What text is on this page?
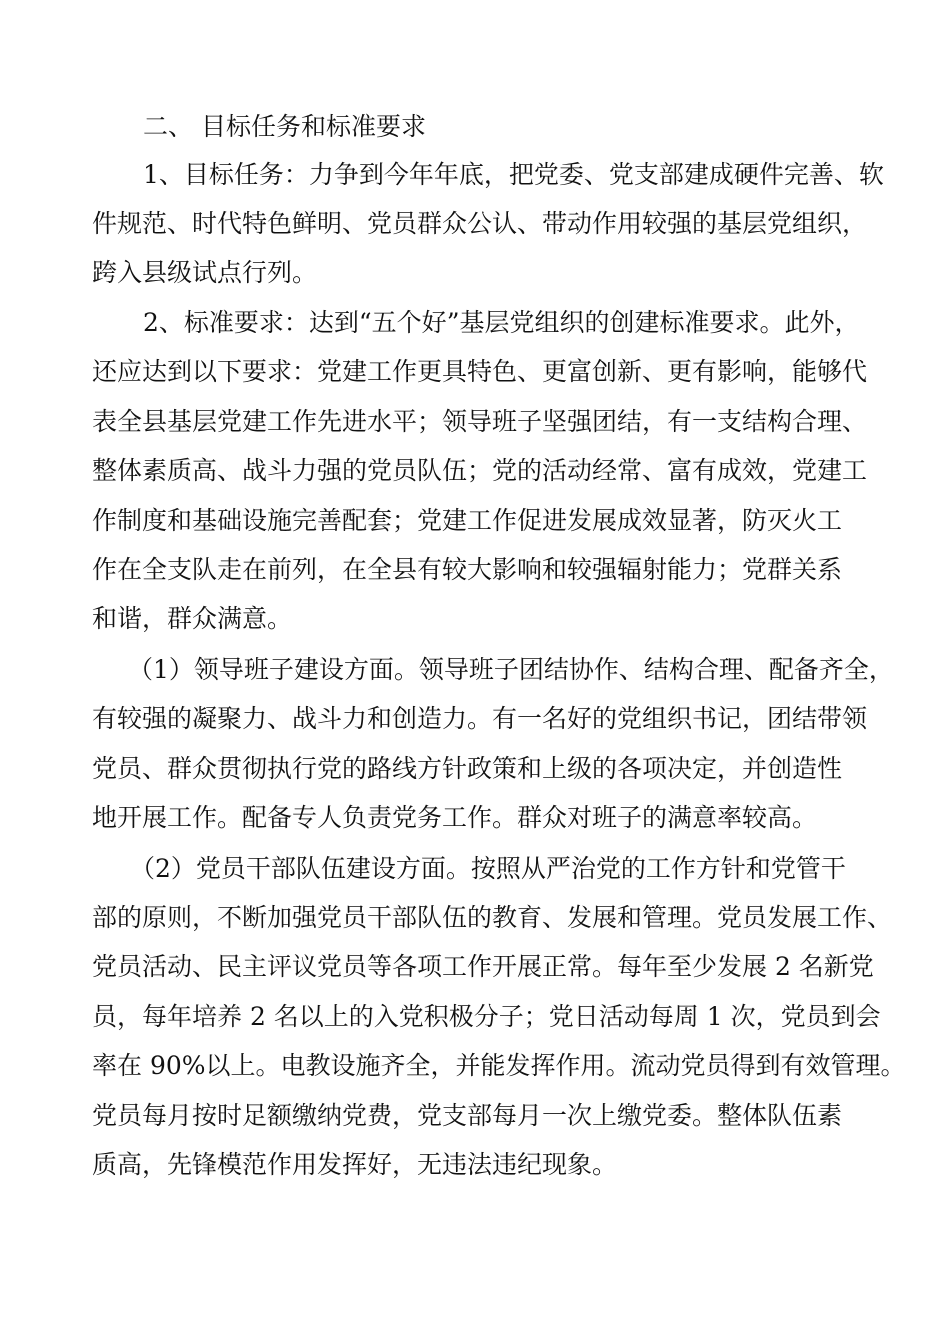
二、 目标任务和标准要求
1、目标任务：力争到今年年底，把党委、党支部建成硬件完善、软
件规范、时代特色鲜明、党员群众公认、带动作用较强的基层党组织，
跨入县级试点行列。
2、标准要求：达到“五个好”基层党组织的创建标准要求。此外，
还应达到以下要求：党建工作更具特色、更富创新、更有影响，能够代
表全县基层党建工作先进水平；领导班子坚强团结，有一支结构合理、
整体素质高、战斗力强的党员队伍；党的活动经常、富有成效，党建工
作制度和基础设施完善配套；党建工作促进发展成效显著，防灭火工
作在全支队走在前列，在全县有较大影响和较强辐射能力；党群关系
和谐，群众满意。
（1）领导班子建设方面。领导班子团结协作、结构合理、配备齐全，
有较强的凝聚力、战斗力和创造力。有一名好的党组织书记，团结带领
党员、群众贯彻执行党的路线方针政策和上级的各项决定，并创造性
地开展工作。配备专人负责党务工作。群众对班子的满意率较高。
（2）党员干部队伍建设方面。按照从严治党的工作方针和党管干
部的原则，不断加强党员干部队伍的教育、发展和管理。党员发展工作、
党员活动、民主评议党员等各项工作开展正常。每年至少发展 2 名新党
员，每年培养 2 名以上的入党积极分子；党日活动每周 1 次，党员到会
率在 90%以上。电教设施齐全，并能发挥作用。流动党员得到有效管理。
党员每月按时足额缴纳党费，党支部每月一次上缴党委。整体队伍素
质高，先锋模范作用发挥好，无违法违纪现象。
